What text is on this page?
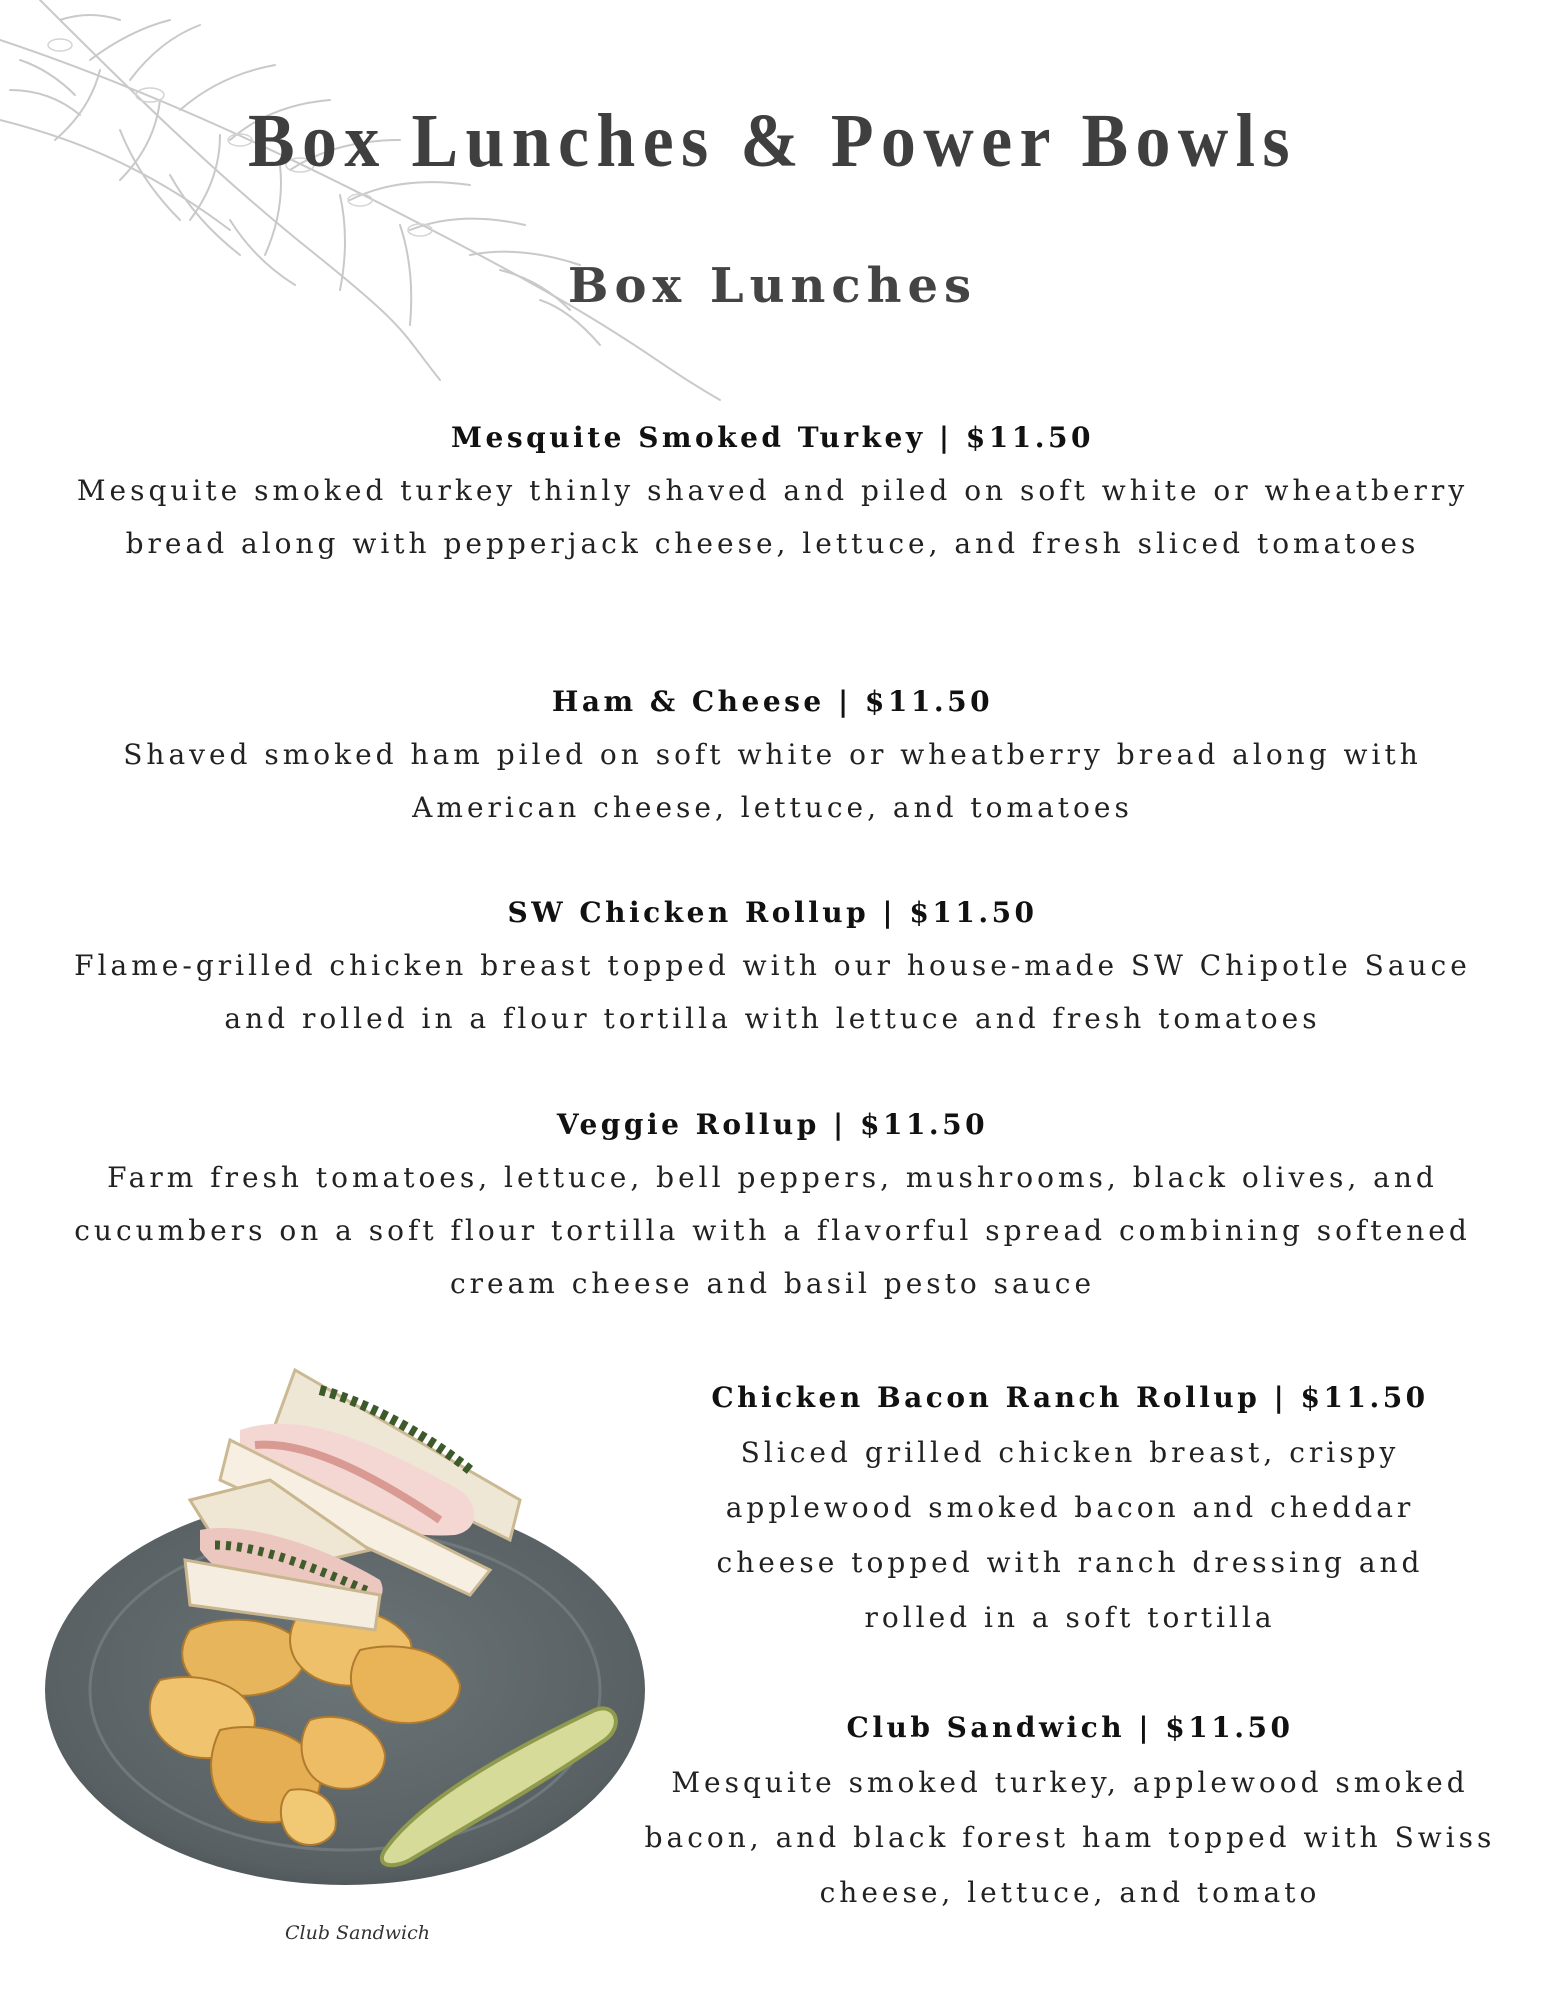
Box Lunches & Power Bowls
Box Lunches
Mesquite Smoked Turkey | $11.50
Mesquite smoked turkey thinly shaved and piled on soft white or wheatberry bread along with pepperjack cheese, lettuce, and fresh sliced tomatoes
Ham & Cheese | $11.50
Shaved smoked ham piled on soft white or wheatberry bread along with American cheese, lettuce, and tomatoes
SW Chicken Rollup | $11.50
Flame-grilled chicken breast topped with our house-made SW Chipotle Sauce and rolled in a flour tortilla with lettuce and fresh tomatoes
Veggie Rollup | $11.50
Farm fresh tomatoes, lettuce, bell peppers, mushrooms, black olives, and cucumbers on a soft flour tortilla with a flavorful spread combining softened cream cheese and basil pesto sauce
Club Sandwich
Chicken Bacon Ranch Rollup | $11.50
Sliced grilled chicken breast, crispy applewood smoked bacon and cheddar cheese topped with ranch dressing and rolled in a soft tortilla
Club Sandwich | $11.50
Mesquite smoked turkey, applewood smoked bacon, and black forest ham topped with Swiss cheese, lettuce, and tomato
